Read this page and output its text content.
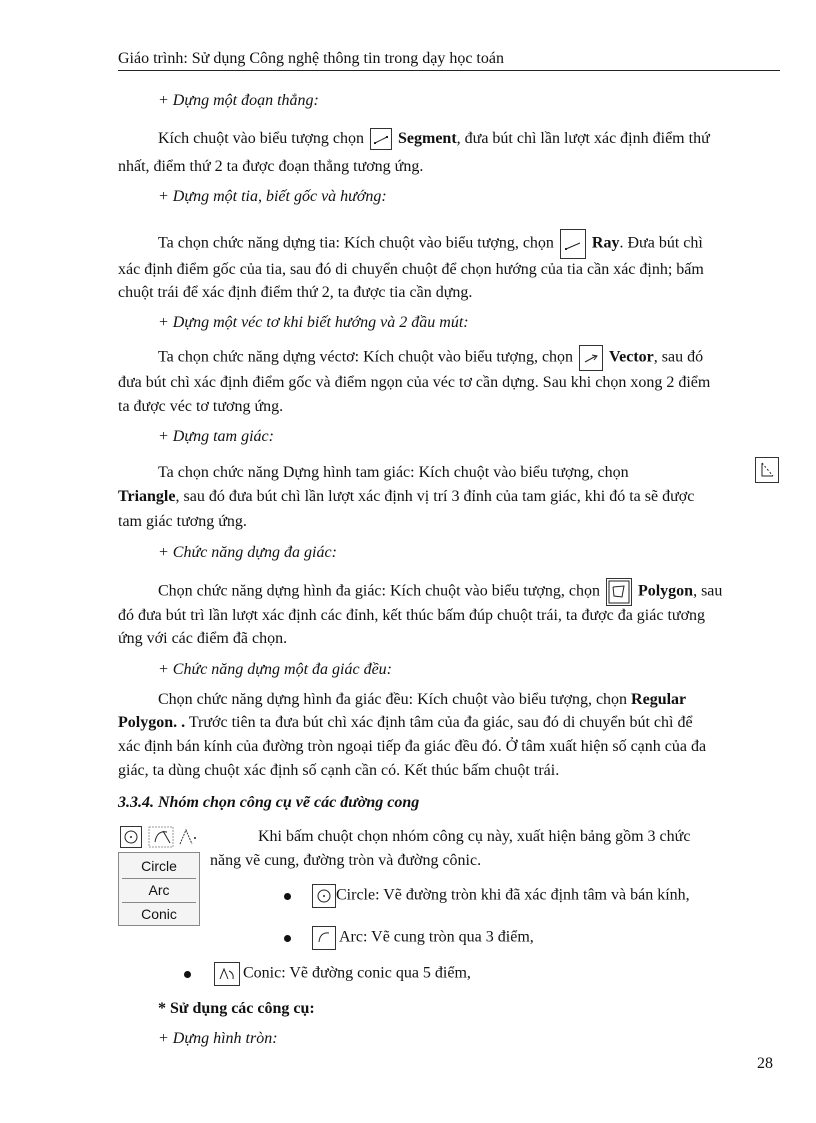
Giáo trình: Sử dụng Công nghệ thông tin trong dạy học toán
+ Dựng một đoạn thẳng:
Kích chuột vào biểu tượng chọn Segment, đưa bút chì lần lượt xác định điểm thứ
nhất, điểm thứ 2 ta được đoạn thẳng tương ứng.
+ Dựng một tia, biết gốc và hướng:
Ta chọn chức năng dựng tia: Kích chuột vào biểu tượng, chọn Ray. Đưa bút chì
xác định điểm gốc của tia, sau đó di chuyển chuột để chọn hướng của tia cần xác định; bấm
chuột trái để xác định điểm thứ 2, ta được tia cần dựng.
+ Dựng một véc tơ khi biết hướng và 2 đầu mút:
Ta chọn chức năng dựng véctơ: Kích chuột vào biểu tượng, chọn Vector, sau đó
đưa bút chì xác định điểm gốc và điểm ngọn của véc tơ cần dựng. Sau khi chọn xong 2 điểm
ta được véc tơ tương ứng.
+ Dựng tam giác:
Ta chọn chức năng Dựng hình tam giác: Kích chuột vào biểu tượng, chọn
Triangle, sau đó đưa bút chì lần lượt xác định vị trí 3 đỉnh của tam giác, khi đó ta sẽ được
tam giác tương ứng.
+ Chức năng dựng đa giác:
Chọn chức năng dựng hình đa giác: Kích chuột vào biểu tượng, chọn Polygon, sau
đó đưa bút trì lần lượt xác định các đỉnh, kết thúc bấm đúp chuột trái, ta được đa giác tương
ứng với các điểm đã chọn.
+ Chức năng dựng một đa giác đều:
Chọn chức năng dựng hình đa giác đều: Kích chuột vào biểu tượng, chọn Regular
Polygon. . Trước tiên ta đưa bút chì xác định tâm của đa giác, sau đó di chuyển bút chì để
xác định bán kính của đường tròn ngoại tiếp đa giác đều đó. Ở tâm xuất hiện số cạnh của đa
giác, ta dùng chuột xác định số cạnh cần có. Kết thúc bấm chuột trái.
3.3.4. Nhóm chọn công cụ vẽ các đường cong
Circle
Arc
Conic
Khi bấm chuột chọn nhóm công cụ này, xuất hiện bảng gồm 3 chức
năng vẽ cung, đường tròn và đường cônic.
Circle: Vẽ đường tròn khi đã xác định tâm và bán kính,
Arc: Vẽ cung tròn qua 3 điểm,
Conic: Vẽ đường conic qua 5 điểm,
* Sử dụng các công cụ:
+ Dựng hình tròn:
28
